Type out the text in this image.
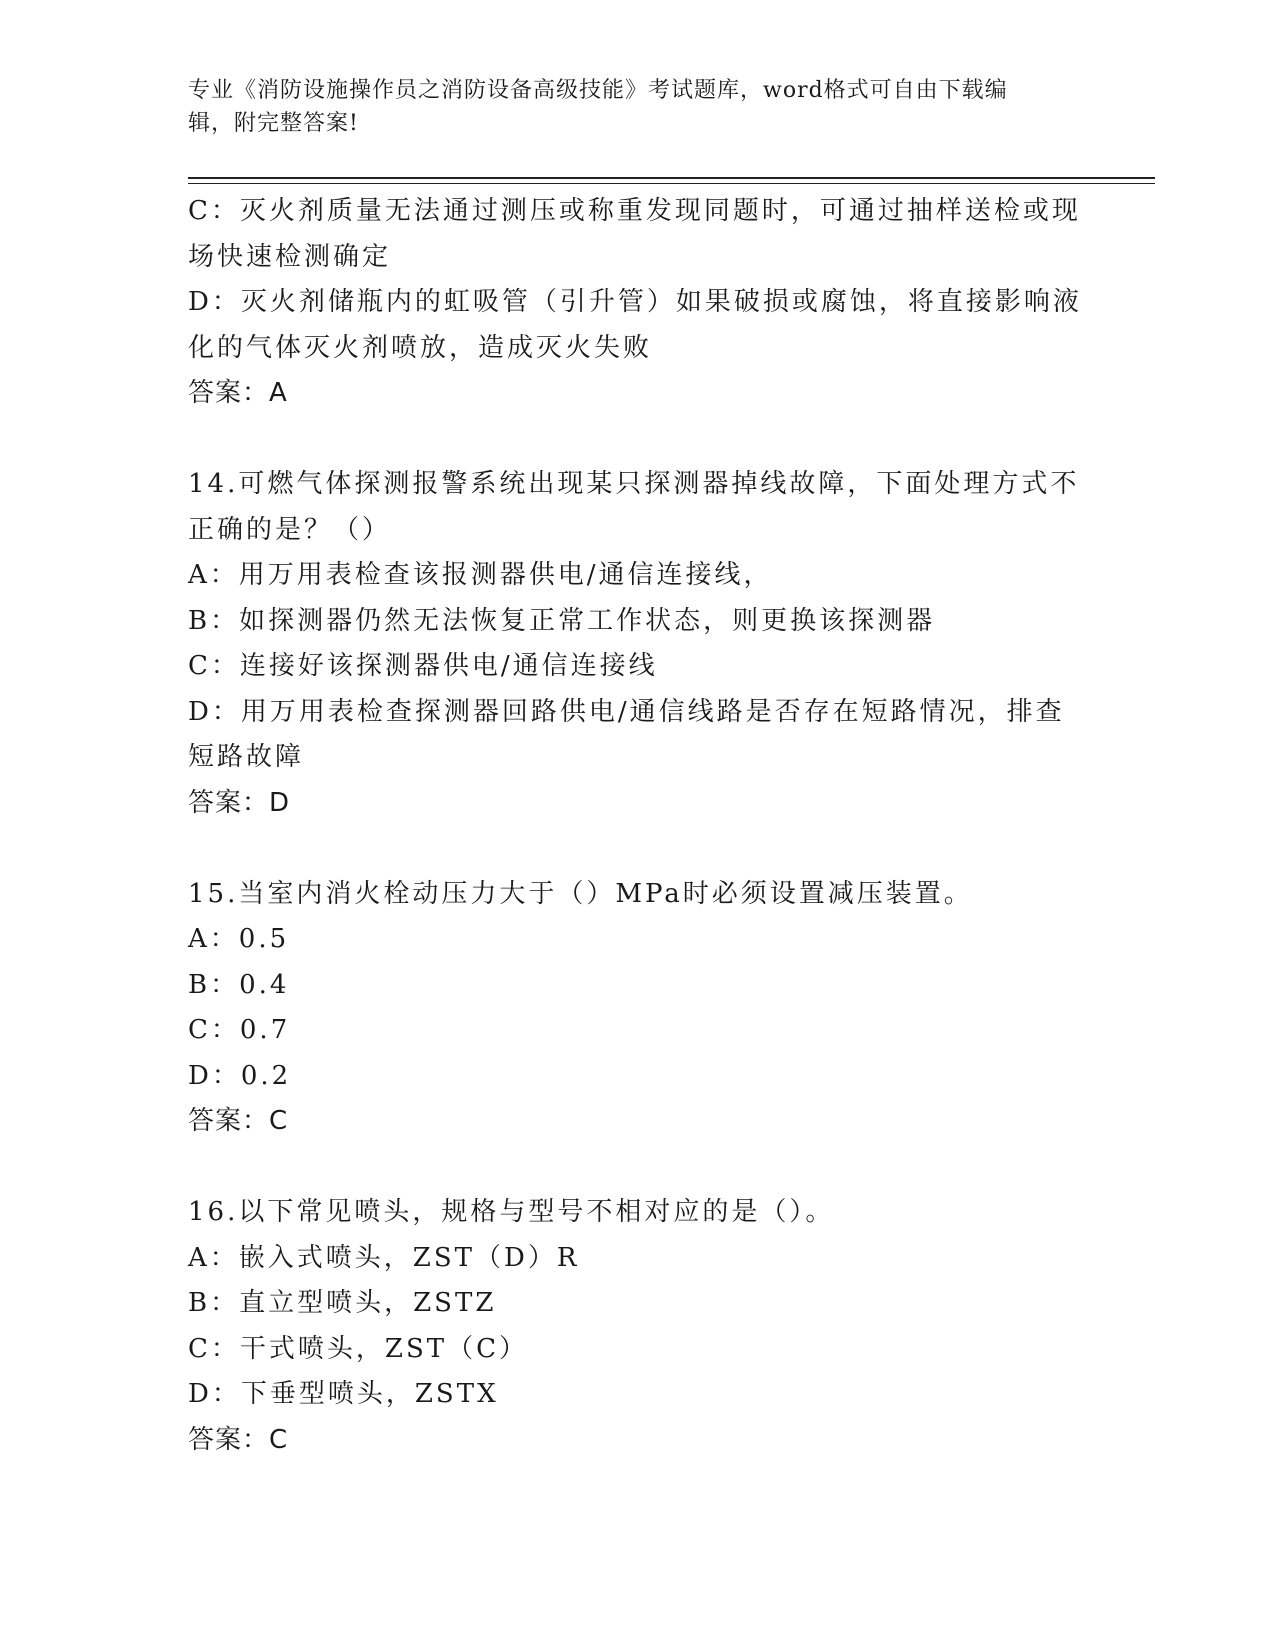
专业《消防设施操作员之消防设备高级技能》考试题库，word格式可自由下载编
辑，附完整答案!
C：灭火剂质量无法通过测压或称重发现同题时，可通过抽样送检或现
场快速检测确定
D：灭火剂储瓶内的虹吸管（引升管）如果破损或腐蚀，将直接影响液
化的气体灭火剂喷放，造成灭火失败
答案：A
14.可燃气体探测报警系统出现某只探测器掉线故障，下面处理方式不
正确的是？（）
A：用万用表检查该报测器供电/通信连接线，
B：如探测器仍然无法恢复正常工作状态，则更换该探测器
C：连接好该探测器供电/通信连接线
D：用万用表检查探测器回路供电/通信线路是否存在短路情况，排查
短路故障
答案：D
15.当室内消火栓动压力大于（）MPa时必须设置减压装置。
A：0.5
B：0.4
C：0.7
D：0.2
答案：C
16.以下常见喷头，规格与型号不相对应的是（）。
A：嵌入式喷头，ZST（D）R
B：直立型喷头，ZSTZ
C：干式喷头，ZST（C）
D：下垂型喷头，ZSTX
答案：C
